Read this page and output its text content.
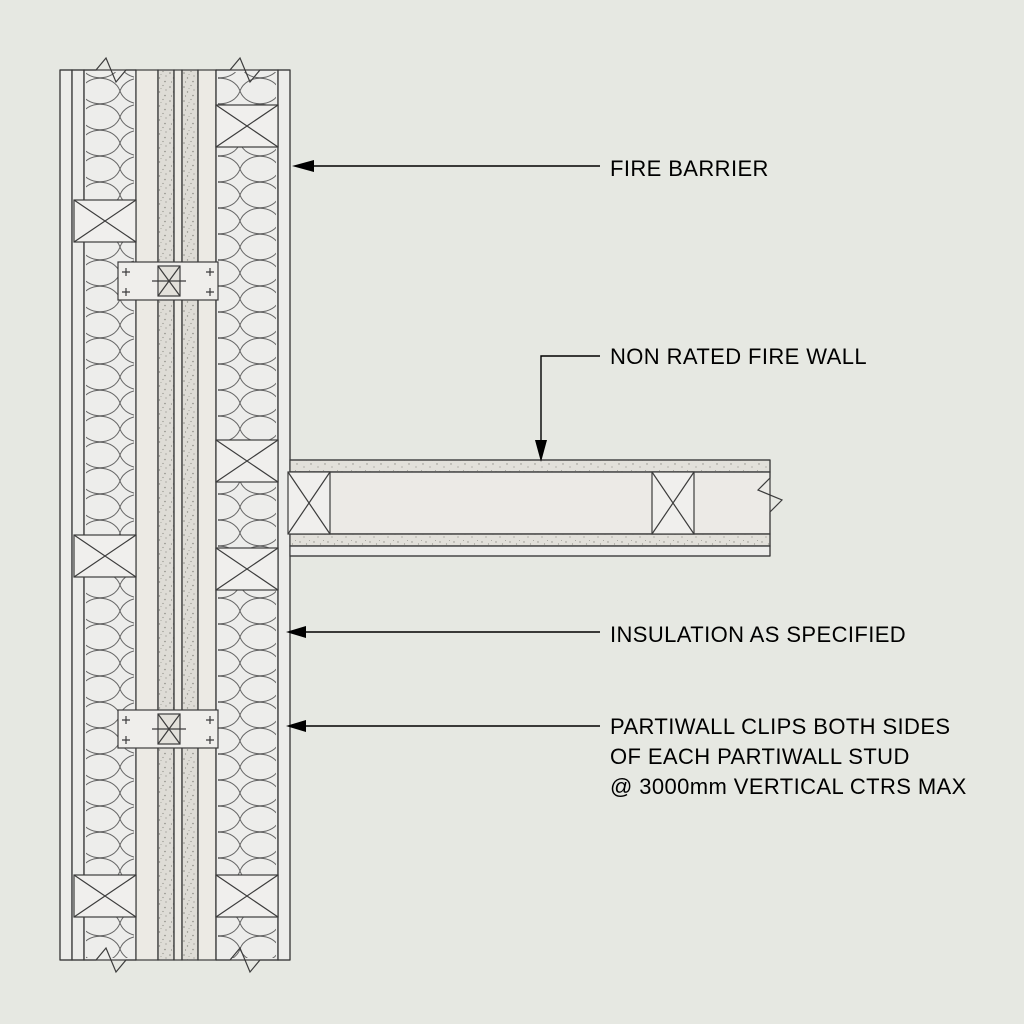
FIRE BARRIER
NON RATED FIRE WALL
INSULATION AS SPECIFIED
PARTIWALL CLIPS BOTH SIDES
OF EACH PARTIWALL STUD
@ 3000mm VERTICAL CTRS MAX
